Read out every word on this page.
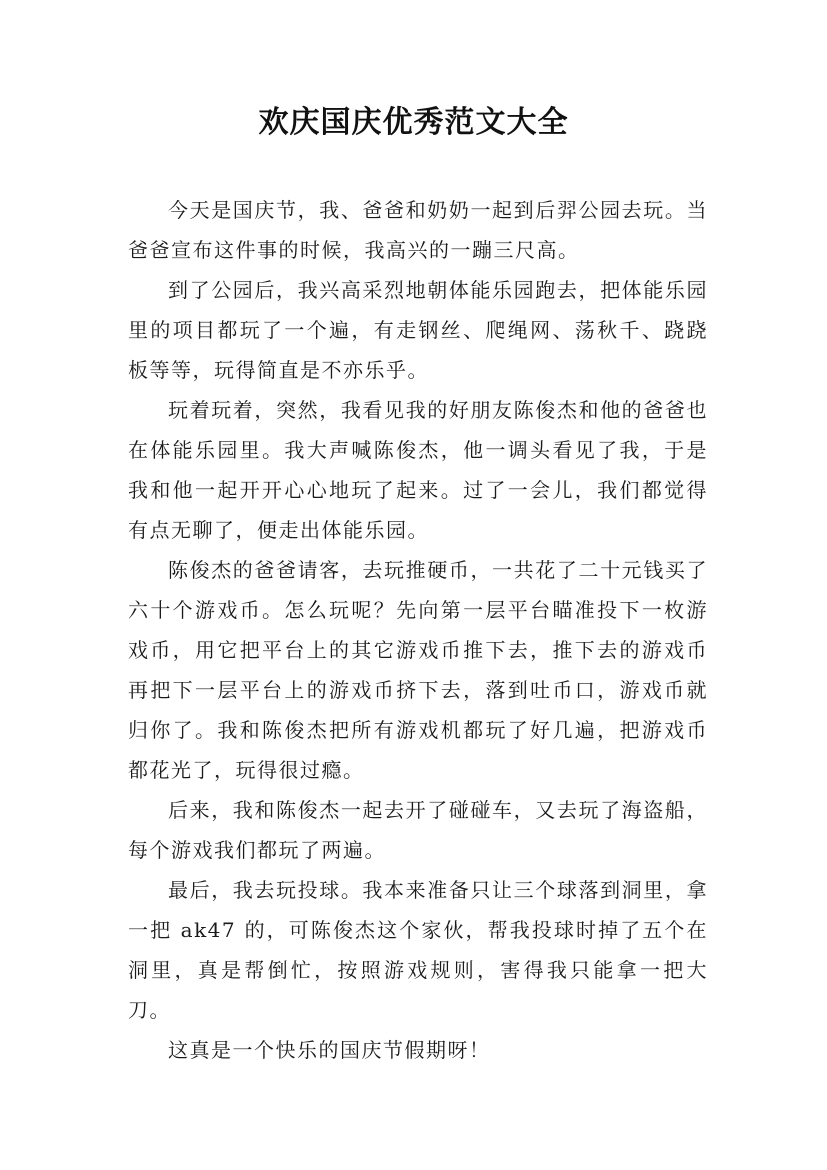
欢庆国庆优秀范文大全

今天是国庆节，我、爸爸和奶奶一起到后羿公园去玩。当爸爸宣布这件事的时候，我高兴的一蹦三尺高。

到了公园后，我兴高采烈地朝体能乐园跑去，把体能乐园里的项目都玩了一个遍，有走钢丝、爬绳网、荡秋千、跷跷板等等，玩得简直是不亦乐乎。

玩着玩着，突然，我看见我的好朋友陈俊杰和他的爸爸也在体能乐园里。我大声喊陈俊杰，他一调头看见了我，于是我和他一起开开心心地玩了起来。过了一会儿，我们都觉得有点无聊了，便走出体能乐园。

陈俊杰的爸爸请客，去玩推硬币，一共花了二十元钱买了六十个游戏币。怎么玩呢？先向第一层平台瞄准投下一枚游戏币，用它把平台上的其它游戏币推下去，推下去的游戏币再把下一层平台上的游戏币挤下去，落到吐币口，游戏币就归你了。我和陈俊杰把所有游戏机都玩了好几遍，把游戏币都花光了，玩得很过瘾。

后来，我和陈俊杰一起去开了碰碰车，又去玩了海盗船，每个游戏我们都玩了两遍。

最后，我去玩投球。我本来准备只让三个球落到洞里，拿一把 ak47 的，可陈俊杰这个家伙，帮我投球时掉了五个在洞里，真是帮倒忙，按照游戏规则，害得我只能拿一把大刀。

这真是一个快乐的国庆节假期呀！
